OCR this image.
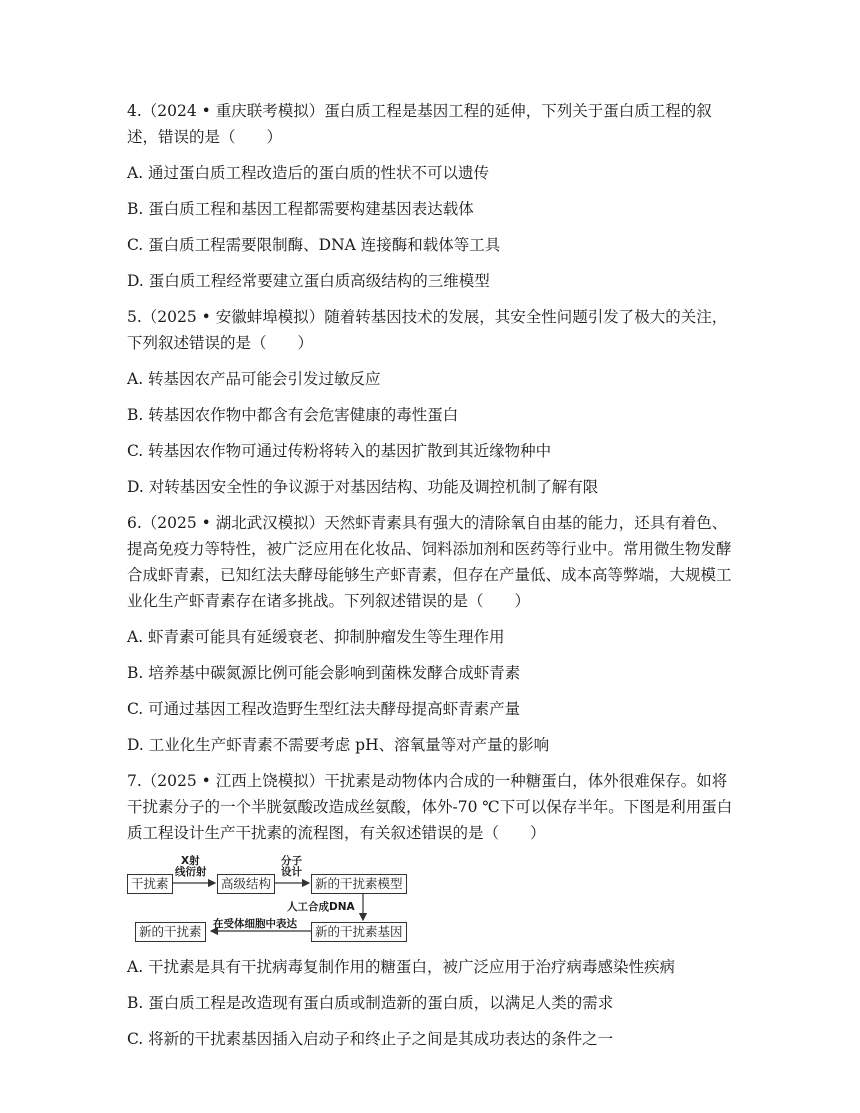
4.（2024 • 重庆联考模拟）蛋白质工程是基因工程的延伸，下列关于蛋白质工程的叙述，错误的是（　　）

A. 通过蛋白质工程改造后的蛋白质的性状不可以遗传

B. 蛋白质工程和基因工程都需要构建基因表达载体

C. 蛋白质工程需要限制酶、DNA 连接酶和载体等工具

D. 蛋白质工程经常要建立蛋白质高级结构的三维模型

5.（2025 • 安徽蚌埠模拟）随着转基因技术的发展，其安全性问题引发了极大的关注，下列叙述错误的是（　　）

A. 转基因农产品可能会引发过敏反应

B. 转基因农作物中都含有会危害健康的毒性蛋白

C. 转基因农作物可通过传粉将转入的基因扩散到其近缘物种中

D. 对转基因安全性的争议源于对基因结构、功能及调控机制了解有限

6.（2025 • 湖北武汉模拟）天然虾青素具有强大的清除氧自由基的能力，还具有着色、提高免疫力等特性，被广泛应用在化妆品、饲料添加剂和医药等行业中。常用微生物发酵合成虾青素，已知红法夫酵母能够生产虾青素，但存在产量低、成本高等弊端，大规模工业化生产虾青素存在诸多挑战。下列叙述错误的是（　　）

A. 虾青素可能具有延缓衰老、抑制肿瘤发生等生理作用

B. 培养基中碳氮源比例可能会影响到菌株发酵合成虾青素

C. 可通过基因工程改造野生型红法夫酵母提高虾青素产量

D. 工业化生产虾青素不需要考虑 pH、溶氧量等对产量的影响

7.（2025 • 江西上饶模拟）干扰素是动物体内合成的一种糖蛋白，体外很难保存。如将干扰素分子的一个半胱氨酸改造成丝氨酸，体外-70 ℃下可以保存半年。下图是利用蛋白质工程设计生产干扰素的流程图，有关叙述错误的是（　　）

干扰素	高级结构	新的干扰素模型
新的干扰素基因
新的干扰素
X射
线衍射
分子
设计
人工合成DNA
在受体细胞中表达

A. 干扰素是具有干扰病毒复制作用的糖蛋白，被广泛应用于治疗病毒感染性疾病

B. 蛋白质工程是改造现有蛋白质或制造新的蛋白质，以满足人类的需求

C. 将新的干扰素基因插入启动子和终止子之间是其成功表达的条件之一
